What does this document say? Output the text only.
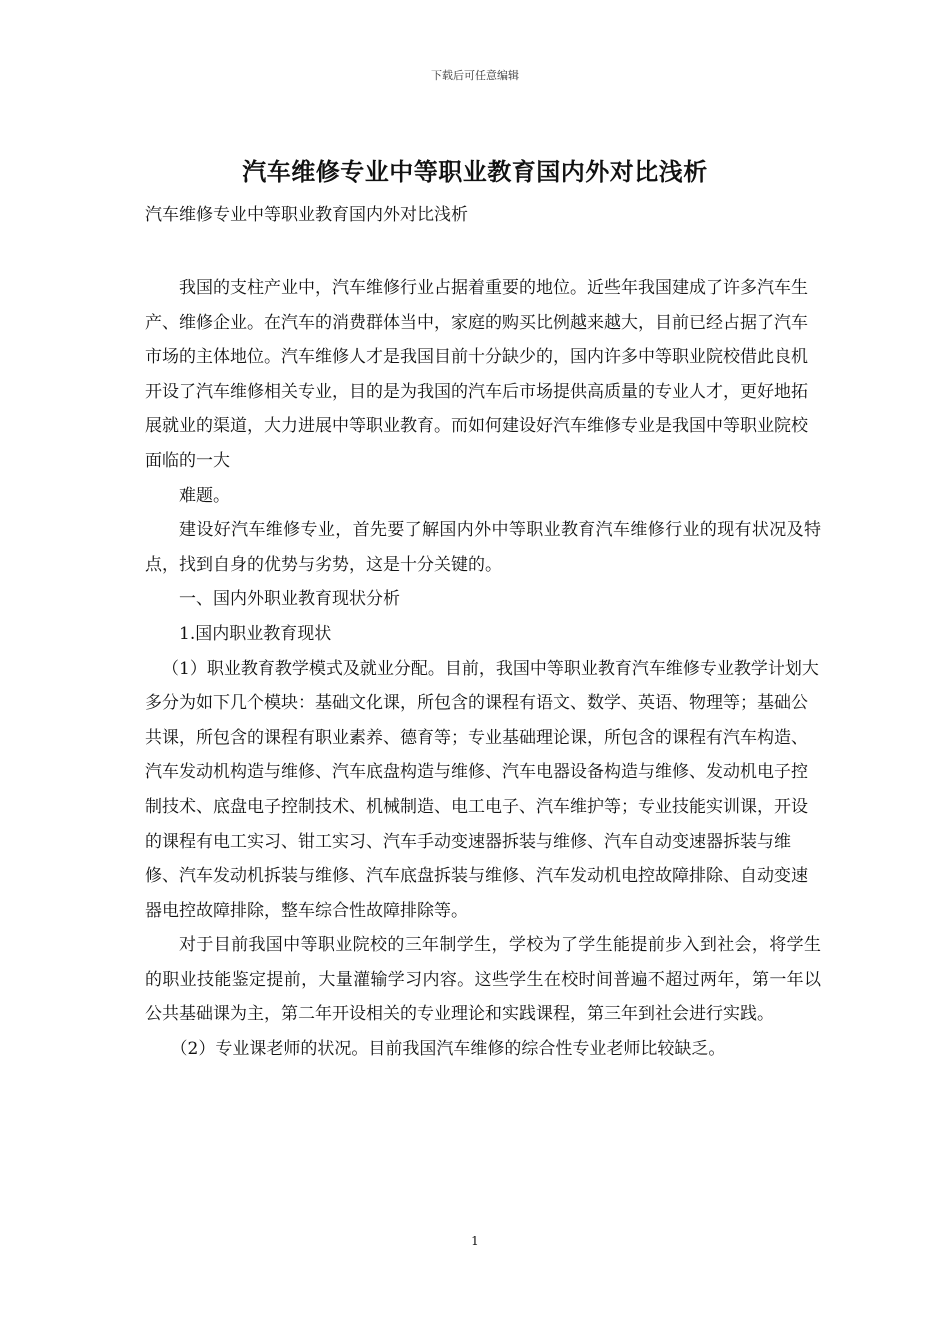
下载后可任意编辑
汽车维修专业中等职业教育国内外对比浅析
汽车维修专业中等职业教育国内外对比浅析

我国的支柱产业中，汽车维修行业占据着重要的地位。近些年我国建成了许多汽车生产、维修企业。在汽车的消费群体当中，家庭的购买比例越来越大，目前已经占据了汽车市场的主体地位。汽车维修人才是我国目前十分缺少的，国内许多中等职业院校借此良机开设了汽车维修相关专业，目的是为我国的汽车后市场提供高质量的专业人才，更好地拓展就业的渠道，大力进展中等职业教育。而如何建设好汽车维修专业是我国中等职业院校面临的一大

难题。

建设好汽车维修专业，首先要了解国内外中等职业教育汽车维修行业的现有状况及特点，找到自身的优势与劣势，这是十分关键的。

一、国内外职业教育现状分析

1.国内职业教育现状

（1）职业教育教学模式及就业分配。目前，我国中等职业教育汽车维修专业教学计划大多分为如下几个模块：基础文化课，所包含的课程有语文、数学、英语、物理等；基础公共课，所包含的课程有职业素养、德育等；专业基础理论课，所包含的课程有汽车构造、汽车发动机构造与维修、汽车底盘构造与维修、汽车电器设备构造与维修、发动机电子控制技术、底盘电子控制技术、机械制造、电工电子、汽车维护等；专业技能实训课，开设的课程有电工实习、钳工实习、汽车手动变速器拆装与维修、汽车自动变速器拆装与维修、汽车发动机拆装与维修、汽车底盘拆装与维修、汽车发动机电控故障排除、自动变速器电控故障排除，整车综合性故障排除等。

对于目前我国中等职业院校的三年制学生，学校为了学生能提前步入到社会，将学生的职业技能鉴定提前，大量灌输学习内容。这些学生在校时间普遍不超过两年，第一年以公共基础课为主，第二年开设相关的专业理论和实践课程，第三年到社会进行实践。

（2）专业课老师的状况。目前我国汽车维修的综合性专业老师比较缺乏。

1
